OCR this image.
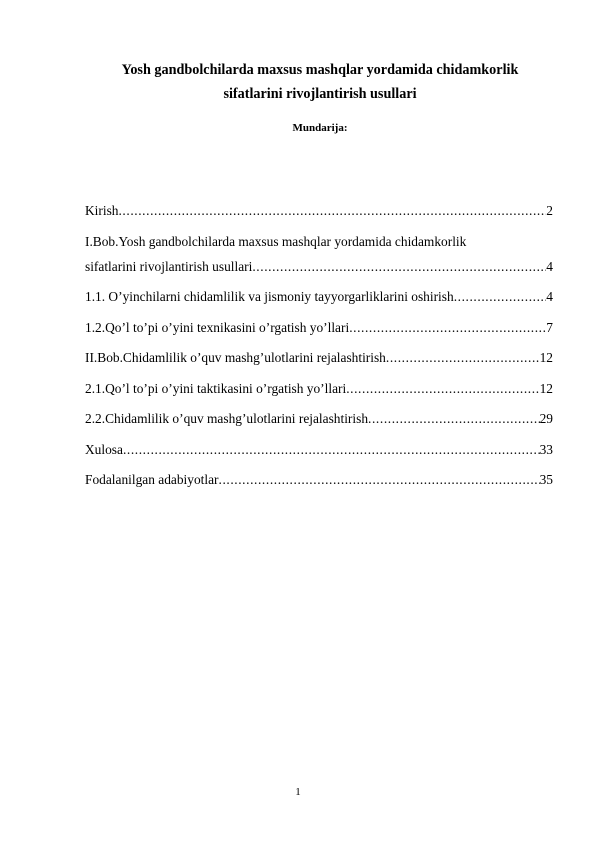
Yosh gandbolchilarda maxsus mashqlar yordamida chidamkorlik
sifatlarini rivojlantirish usullari
Mundarija:
Kirish .....	2
I.Bob.Yosh gandbolchilarda maxsus mashqlar yordamida chidamkorlik
sifatlarini rivojlantirish usullari .....	4
1.1. O’yinchilarni chidamlilik va jismoniy tayyorgarliklarini oshirish .....	4
1.2.Qo’l to’pi o’yini texnikasini o’rgatish yo’llari .....	7
II.Bob.Chidamlilik o’quv mashg’ulotlarini rejalashtirish .....	12
2.1.Qo’l to’pi o’yini taktikasini o’rgatish yo’llari .....	12
2.2.Chidamlilik o’quv mashg’ulotlarini rejalashtirish .....	29
Xulosa .....	33
Fodalanilgan adabiyotlar .....	35
1
